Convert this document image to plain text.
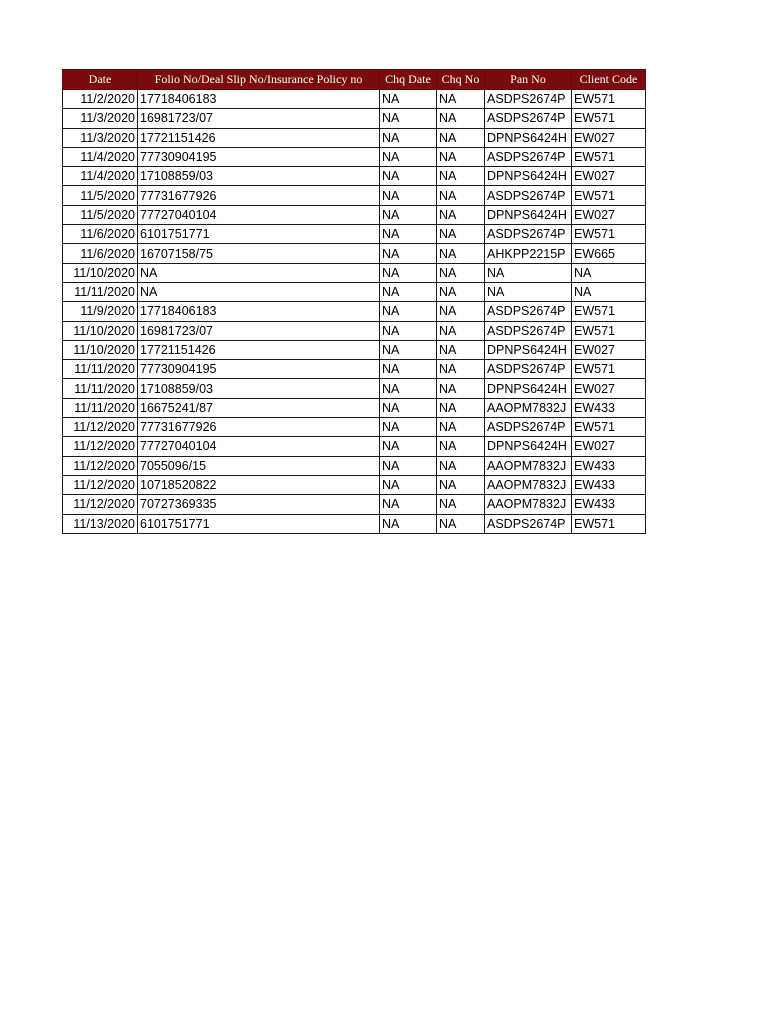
Date	Folio No/Deal Slip No/Insurance Policy no	Chq Date	Chq No	Pan No	Client Code
11/2/2020	17718406183	NA	NA	ASDPS2674P	EW571
11/3/2020	16981723/07	NA	NA	ASDPS2674P	EW571
11/3/2020	17721151426	NA	NA	DPNPS6424H	EW027
11/4/2020	77730904195	NA	NA	ASDPS2674P	EW571
11/4/2020	17108859/03	NA	NA	DPNPS6424H	EW027
11/5/2020	77731677926	NA	NA	ASDPS2674P	EW571
11/5/2020	77727040104	NA	NA	DPNPS6424H	EW027
11/6/2020	6101751771	NA	NA	ASDPS2674P	EW571
11/6/2020	16707158/75	NA	NA	AHKPP2215P	EW665
11/10/2020	NA	NA	NA	NA	NA
11/11/2020	NA	NA	NA	NA	NA
11/9/2020	17718406183	NA	NA	ASDPS2674P	EW571
11/10/2020	16981723/07	NA	NA	ASDPS2674P	EW571
11/10/2020	17721151426	NA	NA	DPNPS6424H	EW027
11/11/2020	77730904195	NA	NA	ASDPS2674P	EW571
11/11/2020	17108859/03	NA	NA	DPNPS6424H	EW027
11/11/2020	16675241/87	NA	NA	AAOPM7832J	EW433
11/12/2020	77731677926	NA	NA	ASDPS2674P	EW571
11/12/2020	77727040104	NA	NA	DPNPS6424H	EW027
11/12/2020	7055096/15	NA	NA	AAOPM7832J	EW433
11/12/2020	10718520822	NA	NA	AAOPM7832J	EW433
11/12/2020	70727369335	NA	NA	AAOPM7832J	EW433
11/13/2020	6101751771	NA	NA	ASDPS2674P	EW571
